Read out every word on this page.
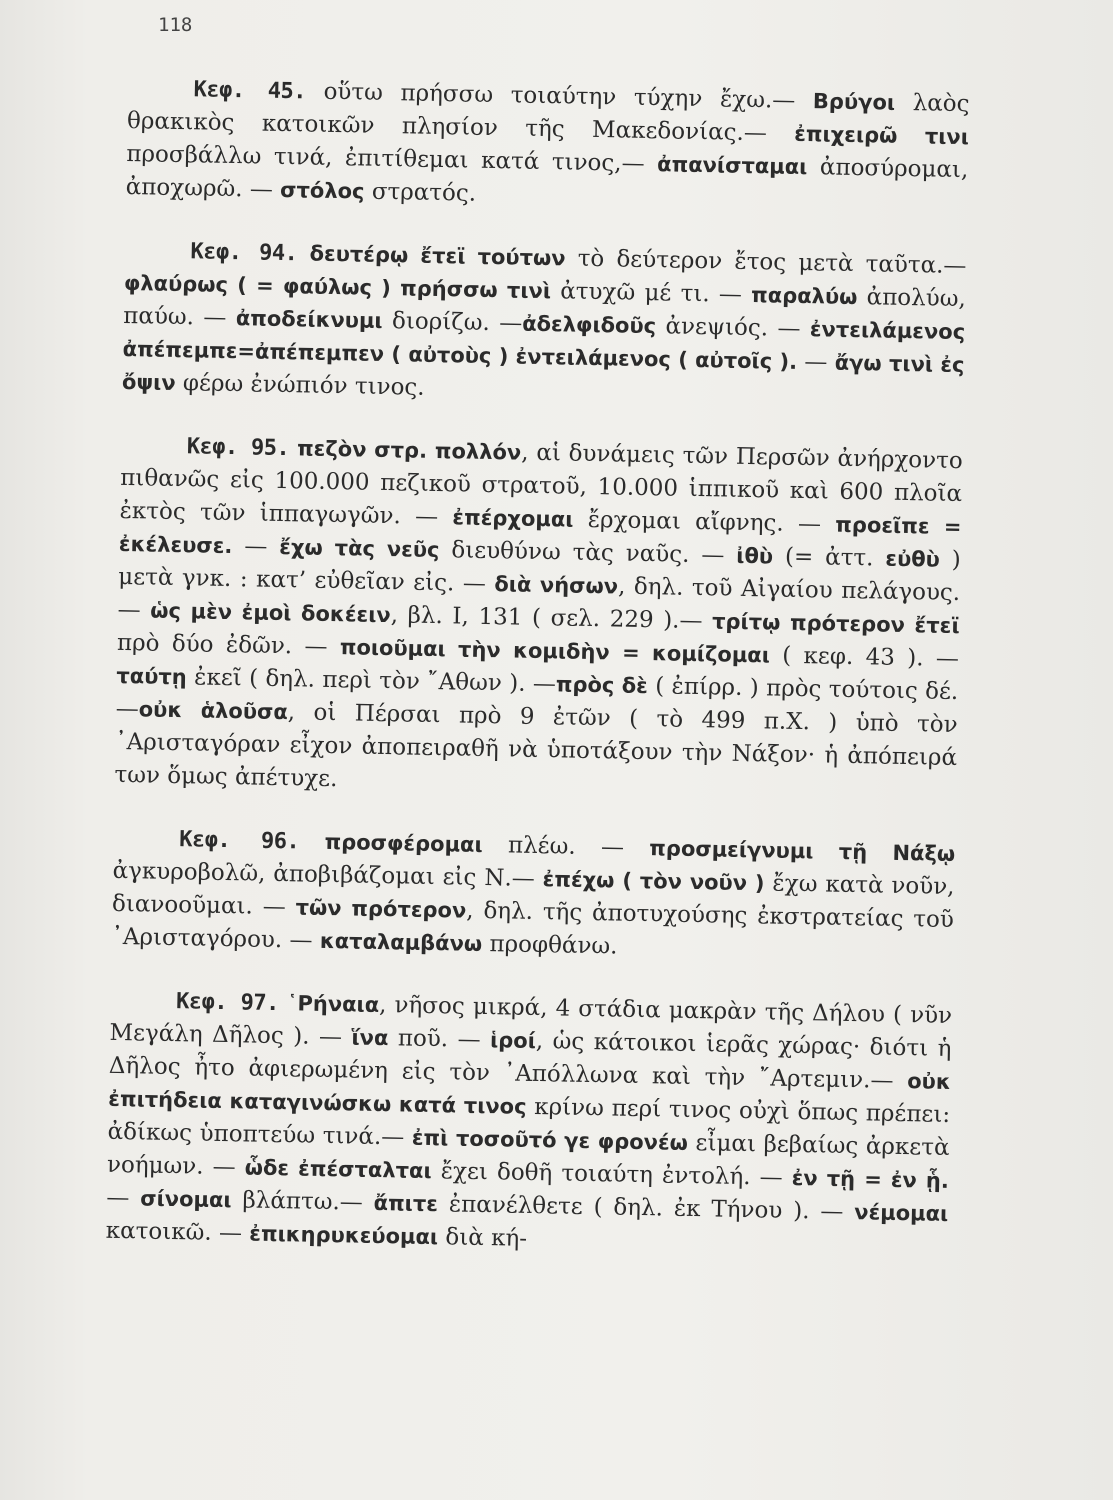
118

Κεφ. 45. οὕτω πρήσσω τοιαύτην τύχην ἔχω.— Βρύγοι λαὸς θρακικὸς κατοικῶν πλησίον τῆς Μακεδονίας.— ἐπιχειρῶ τινι προσβάλλω τινά, ἐπιτίθεμαι κατά τινος,— ἀπανίσταμαι ἀποσύρομαι, ἀποχωρῶ. — στόλος στρατός.

Κεφ. 94. δευτέρῳ ἔτεϊ τούτων τὸ δεύτερον ἔτος μετὰ ταῦτα.— φλαύρως ( = φαύλως ) πρήσσω τινὶ ἀτυχῶ μέ τι. — παραλύω ἀπολύω, παύω. — ἀποδείκνυμι διορίζω. —ἀδελφιδοῦς ἀνεψιός. — ἐντειλάμενος ἀπέπεμπε=ἀπέπεμπεν ( αὐτοὺς ) ἐντειλάμενος ( αὐτοῖς ). — ἄγω τινὶ ἐς ὄψιν φέρω ἐνώπιόν τινος.

Κεφ. 95. πεζὸν στρ. πολλόν, αἱ δυνάμεις τῶν Περσῶν ἀνήρχοντο πιθανῶς εἰς 100.000 πεζικοῦ στρατοῦ, 10.000 ἱππικοῦ καὶ 600 πλοῖα ἐκτὸς τῶν ἱππαγωγῶν. — ἐπέρχομαι ἔρχομαι αἴφνης. — προεῖπε = ἐκέλευσε. — ἔχω τὰς νεῦς διευθύνω τὰς ναῦς. — ἰθὺ (= ἀττ. εὐθὺ ) μετὰ γνκ. : κατ’ εὐθεῖαν εἰς. — διὰ νήσων, δηλ. τοῦ Αἰγαίου πελάγους.— ὡς μὲν ἐμοὶ δοκέειν, βλ. I, 131 ( σελ. 229 ).— τρίτῳ πρότερον ἔτεϊ πρὸ δύο ἐδῶν. — ποιοῦμαι τὴν κομιδὴν = κομίζομαι ( κεφ. 43 ). — ταύτῃ ἐκεῖ ( δηλ. περὶ τὸν ῎Αθων ). —πρὸς δὲ ( ἐπίρρ. ) πρὸς τούτοις δέ.—οὐκ ἁλοῦσα, οἱ Πέρσαι πρὸ 9 ἐτῶν ( τὸ 499 π.Χ. ) ὑπὸ τὸν ᾽Αρισταγόραν εἶχον ἀποπειραθῆ νὰ ὑποτάξουν τὴν Νάξον· ἡ ἀπόπειρά των ὅμως ἀπέτυχε.

Κεφ. 96. προσφέρομαι πλέω. — προσμείγνυμι τῇ Νάξῳ ἀγκυροβολῶ, ἀποβιβάζομαι εἰς Ν.— ἐπέχω ( τὸν νοῦν ) ἔχω κατὰ νοῦν, διανοοῦμαι. — τῶν πρότερον, δηλ. τῆς ἀποτυχούσης ἐκστρατείας τοῦ ᾽Αρισταγόρου. — καταλαμβάνω προφθάνω.

Κεφ. 97. ῾Ρήναια, νῆσος μικρά, 4 στάδια μακρὰν τῆς Δήλου ( νῦν Μεγάλη Δῆλος ). — ἵνα ποῦ. — ἱροί, ὡς κάτοικοι ἱερᾶς χώρας· διότι ἡ Δῆλος ἦτο ἀφιερωμένη εἰς τὸν ᾽Απόλλωνα καὶ τὴν ῎Αρτεμιν.— οὐκ ἐπιτήδεια καταγινώσκω κατά τινος κρίνω περί τινος οὐχὶ ὅπως πρέπει: ἀδίκως ὑποπτεύω τινά.— ἐπὶ τοσοῦτό γε φρονέω εἶμαι βεβαίως ἀρκετὰ νοήμων. — ὧδε ἐπέσταλται ἔχει δοθῆ τοιαύτη ἐντολή. — ἐν τῇ = ἐν ᾗ. — σίνομαι βλάπτω.— ἄπιτε ἐπανέλθετε ( δηλ. ἐκ Τήνου ). — νέμομαι κατοικῶ. — ἐπικηρυκεύομαι διὰ κή-
